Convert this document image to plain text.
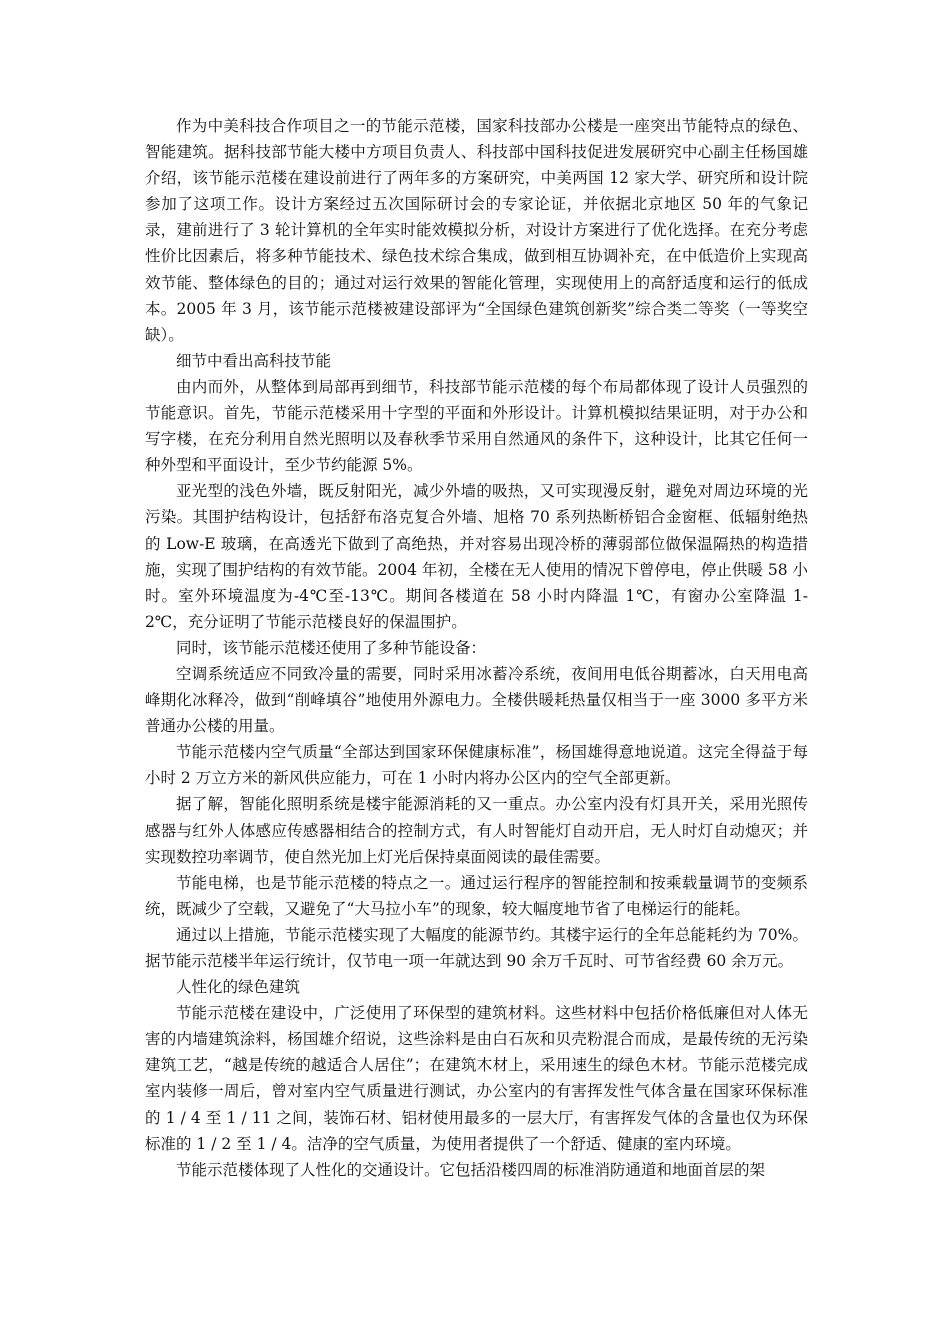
作为中美科技合作项目之一的节能示范楼，国家科技部办公楼是一座突出节能特点的绿色、智能建筑。据科技部节能大楼中方项目负责人、科技部中国科技促进发展研究中心副主任杨国雄介绍，该节能示范楼在建设前进行了两年多的方案研究，中美两国 12 家大学、研究所和设计院参加了这项工作。设计方案经过五次国际研讨会的专家论证，并依据北京地区 50 年的气象记录，建前进行了 3 轮计算机的全年实时能效模拟分析，对设计方案进行了优化选择。在充分考虑性价比因素后，将多种节能技术、绿色技术综合集成，做到相互协调补充，在中低造价上实现高效节能、整体绿色的目的；通过对运行效果的智能化管理，实现使用上的高舒适度和运行的低成本。2005 年 3 月，该节能示范楼被建设部评为“全国绿色建筑创新奖”综合类二等奖（一等奖空缺）。

细节中看出高科技节能

由内而外，从整体到局部再到细节，科技部节能示范楼的每个布局都体现了设计人员强烈的节能意识。首先，节能示范楼采用十字型的平面和外形设计。计算机模拟结果证明，对于办公和写字楼，在充分利用自然光照明以及春秋季节采用自然通风的条件下，这种设计，比其它任何一种外型和平面设计，至少节约能源 5%。

亚光型的浅色外墙，既反射阳光，减少外墙的吸热，又可实现漫反射，避免对周边环境的光污染。其围护结构设计，包括舒布洛克复合外墙、旭格 70 系列热断桥铝合金窗框、低辐射绝热的 Low-E 玻璃，在高透光下做到了高绝热，并对容易出现冷桥的薄弱部位做保温隔热的构造措施，实现了围护结构的有效节能。2004 年初，全楼在无人使用的情况下曾停电，停止供暖 58 小时。室外环境温度为-4℃至-13℃。期间各楼道在 58 小时内降温 1℃，有窗办公室降温 1-2℃，充分证明了节能示范楼良好的保温围护。

同时，该节能示范楼还使用了多种节能设备：

空调系统适应不同致冷量的需要，同时采用冰蓄冷系统，夜间用电低谷期蓄冰，白天用电高峰期化冰释冷，做到“削峰填谷”地使用外源电力。全楼供暖耗热量仅相当于一座 3000 多平方米普通办公楼的用量。

节能示范楼内空气质量“全部达到国家环保健康标准”，杨国雄得意地说道。这完全得益于每小时 2 万立方米的新风供应能力，可在 1 小时内将办公区内的空气全部更新。

据了解，智能化照明系统是楼宇能源消耗的又一重点。办公室内没有灯具开关，采用光照传感器与红外人体感应传感器相结合的控制方式，有人时智能灯自动开启，无人时灯自动熄灭；并实现数控功率调节，使自然光加上灯光后保持桌面阅读的最佳需要。

节能电梯，也是节能示范楼的特点之一。通过运行程序的智能控制和按乘载量调节的变频系统，既减少了空载，又避免了“大马拉小车”的现象，较大幅度地节省了电梯运行的能耗。

通过以上措施，节能示范楼实现了大幅度的能源节约。其楼宇运行的全年总能耗约为 70%。据节能示范楼半年运行统计，仅节电一项一年就达到 90 余万千瓦时、可节省经费 60 余万元。

人性化的绿色建筑

节能示范楼在建设中，广泛使用了环保型的建筑材料。这些材料中包括价格低廉但对人体无害的内墙建筑涂料，杨国雄介绍说，这些涂料是由白石灰和贝壳粉混合而成，是最传统的无污染建筑工艺，“越是传统的越适合人居住”；在建筑木材上，采用速生的绿色木材。节能示范楼完成室内装修一周后，曾对室内空气质量进行测试，办公室内的有害挥发性气体含量在国家环保标准的 1 / 4 至 1 / 11 之间，装饰石材、铝材使用最多的一层大厅，有害挥发气体的含量也仅为环保标准的 1 / 2 至 1 / 4。洁净的空气质量，为使用者提供了一个舒适、健康的室内环境。

节能示范楼体现了人性化的交通设计。它包括沿楼四周的标准消防通道和地面首层的架
